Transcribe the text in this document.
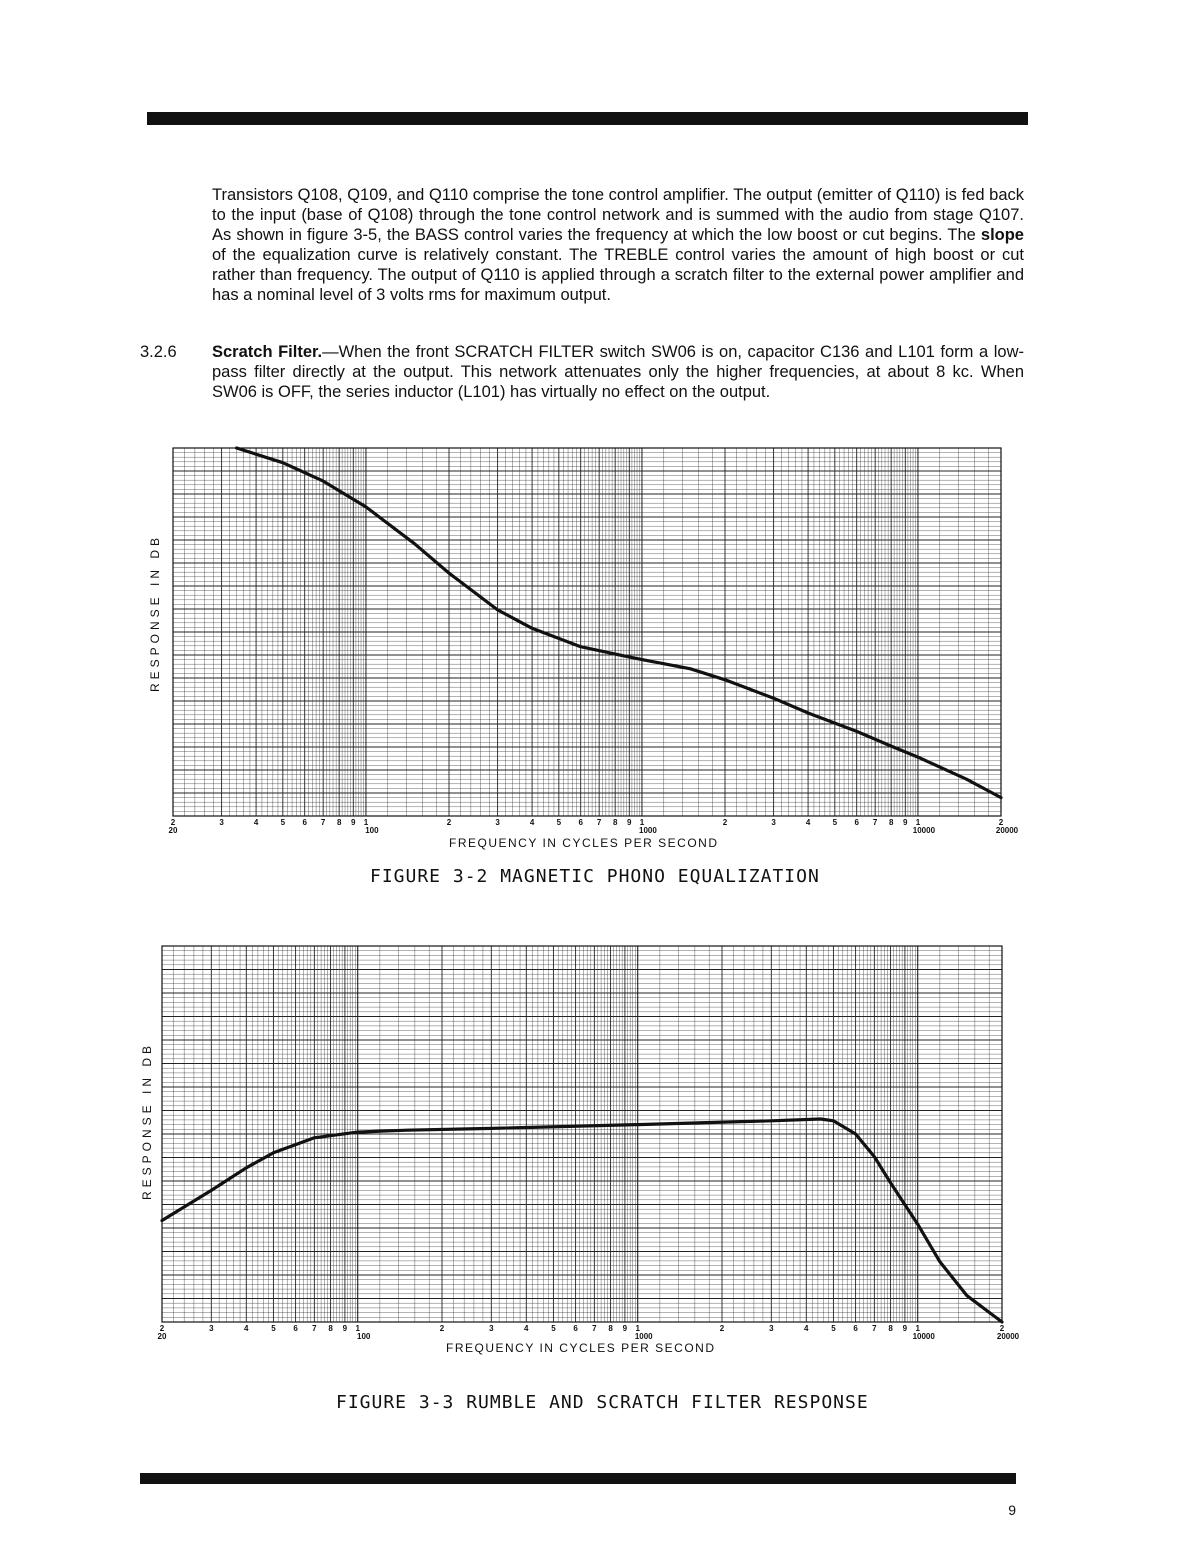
Transistors Q108, Q109, and Q110 comprise the tone control amplifier. The output (emitter of Q110) is fed back to the input (base of Q108) through the tone control network and is summed with the audio from stage Q107. As shown in figure 3-5, the BASS control varies the frequency at which the low boost or cut begins. The slope of the equalization curve is relatively constant. The TREBLE control varies the amount of high boost or cut rather than frequency. The output of Q110 is applied through a scratch filter to the external power amplifier and has a nominal level of 3 volts rms for maximum output.
3.2.6 Scratch Filter.—When the front SCRATCH FILTER switch SW06 is on, capacitor C136 and L101 form a low-pass filter directly at the output. This network attenuates only the higher frequencies, at about 8 kc. When SW06 is OFF, the series inductor (L101) has virtually no effect on the output.
RESPONSE IN DB
2	3	4	5 6 7 8 9 1	2	3	4	5 6 7 8 9 1	2	3	4	5 6 7 8 9 1	2
20	100	1000	10000	20000
FREQUENCY IN CYCLES PER SECOND
FIGURE 3-2 MAGNETIC PHONO EQUALIZATION
RESPONSE IN DB
2	3	4	5 6 7 8 9 1	2	3	4	5 6 7 8 9 1	2	3	4	5 6 7 8 9 1	2
20	100	1000	10000	20000
FREQUENCY IN CYCLES PER SECOND
FIGURE 3-3 RUMBLE AND SCRATCH FILTER RESPONSE
9
